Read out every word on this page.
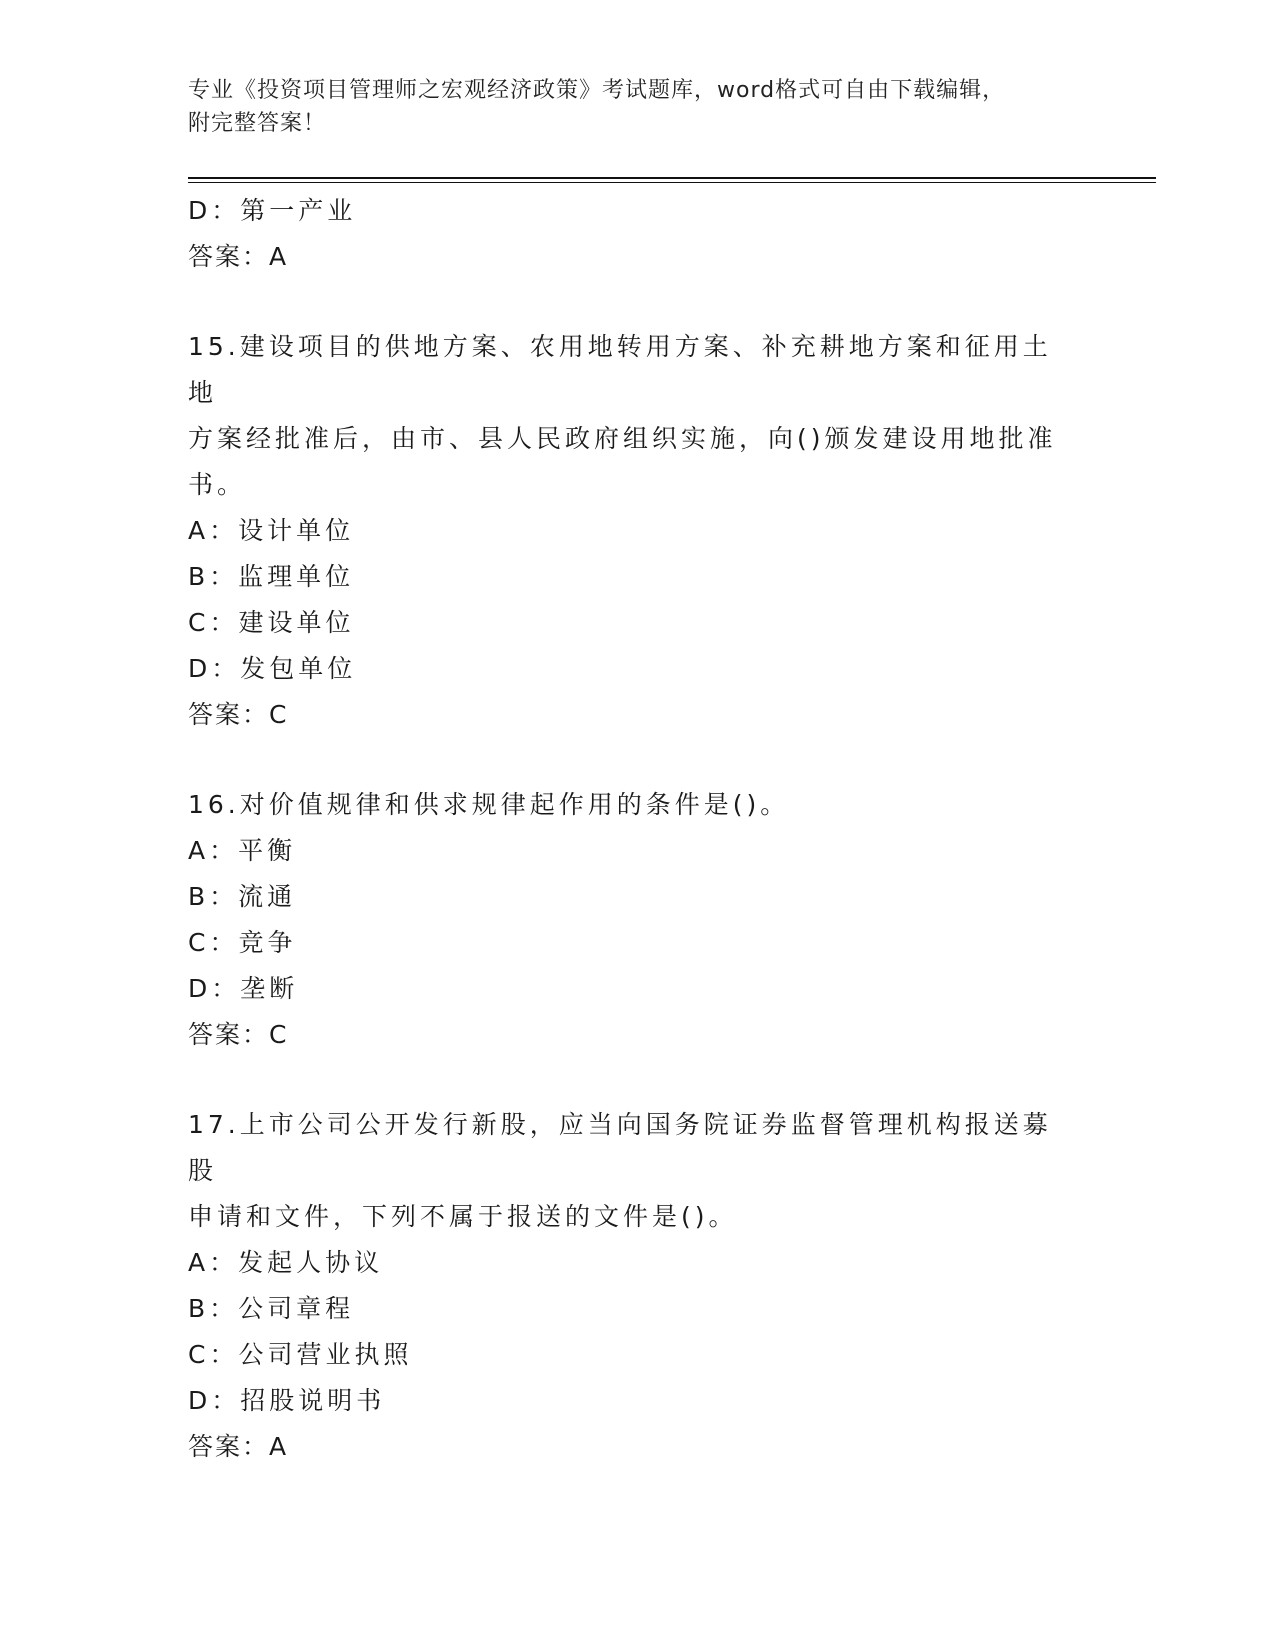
专业《投资项目管理师之宏观经济政策》考试题库，word格式可自由下载编辑，
附完整答案！
D：第一产业
答案：A
15.建设项目的供地方案、农用地转用方案、补充耕地方案和征用土地
方案经批准后，由市、县人民政府组织实施，向()颁发建设用地批准
书。
A：设计单位
B：监理单位
C：建设单位
D：发包单位
答案：C
16.对价值规律和供求规律起作用的条件是()。
A：平衡
B：流通
C：竞争
D：垄断
答案：C
17.上市公司公开发行新股，应当向国务院证券监督管理机构报送募股
申请和文件，下列不属于报送的文件是()。
A：发起人协议
B：公司章程
C：公司营业执照
D：招股说明书
答案：A
